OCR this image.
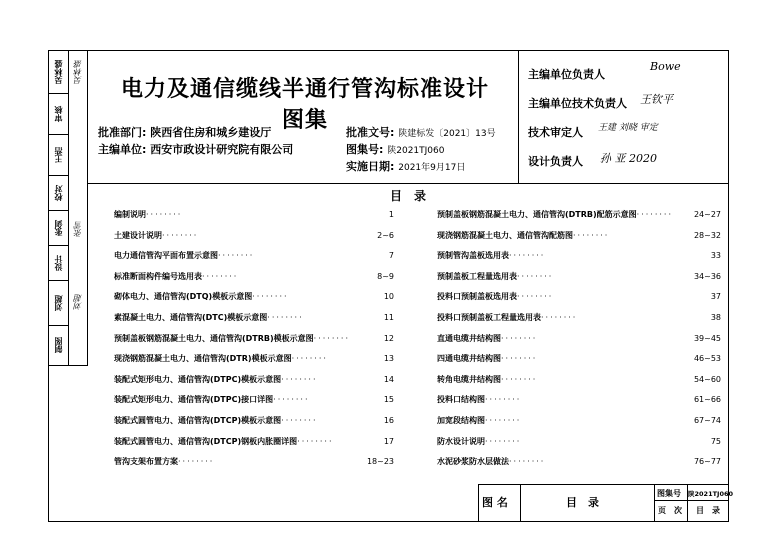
吴林盛
审核
王浩
校对
张剑
设计
刘超
制图
吴林盛
张雪
刘超
电力及通信缆线半通行管沟标准设计图集
批准部门: 陕西省住房和城乡建设厅
主编单位: 西安市政设计研究院有限公司
批准文号: 陕建标发〔2021〕13号
图集号: 陕2021TJ060
实施日期: 2021年9月17日
主编单位负责人
Bowe
主编单位技术负责人 王钦平
技术审定人 王建 刘晓 审定
设计负责人 孙 亚 2020
目　录
编制说明 ········	1
土建设计说明 ········	2~6
电力通信管沟平面布置示意图 ········	7
标准断面构件编号选用表 ········	8~9
砌体电力、通信管沟(DTQ)模板示意图 ········	10
素混凝土电力、通信管沟(DTC)模板示意图 ········	11
预制盖板钢筋混凝土电力、通信管沟(DTRB)模板示意图 ········	12
现浇钢筋混凝土电力、通信管沟(DTR)模板示意图 ········	13
装配式矩形电力、通信管沟(DTPC)模板示意图 ········	14
装配式矩形电力、通信管沟(DTPC)接口详图 ········	15
装配式圆管电力、通信管沟(DTCP)模板示意图 ········	16
装配式圆管电力、通信管沟(DTCP)钢板内胀圈详图 ········	17
管沟支架布置方案 ········	18~23
预制盖板钢筋混凝土电力、通信管沟(DTRB)配筋示意图 ········	24~27
现浇钢筋混凝土电力、通信管沟配筋图 ········	28~32
预制管沟盖板选用表 ········	33
预制盖板工程量选用表 ········	34~36
投料口预制盖板选用表 ········	37
投料口预制盖板工程量选用表 ········	38
直通电缆井结构图 ········	39~45
四通电缆井结构图 ········	46~53
转角电缆井结构图 ········	54~60
投料口结构图 ········	61~66
加宽段结构图 ········	67~74
防水设计说明 ········	75
水泥砂浆防水层做法 ········	76~77
图 名	目　录
图集号 陕2021TJ060
页　次 目　录
